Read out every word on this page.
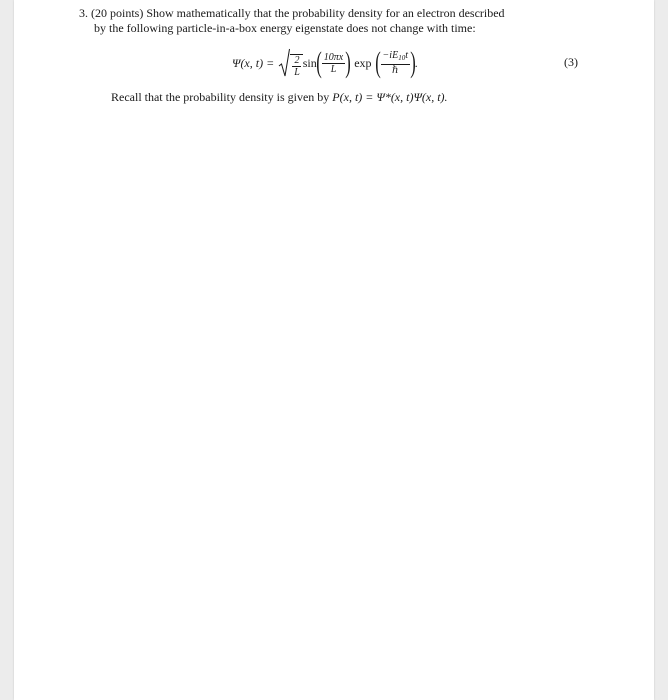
3. (20 points) Show mathematically that the probability density for an electron described
by the following particle-in-a-box energy eigenstate does not change with time:
Ψ(x, $t) = \frac{2}{L}$ sin ( $\frac{10\pi x}{L}$ ) exp ( $\frac{-iE_{10}t}{\text{ℏ}}$ ) .	(3)
Recall that the probability density is given by P(x, t) = Ψ*(x, t)Ψ(x, t).
